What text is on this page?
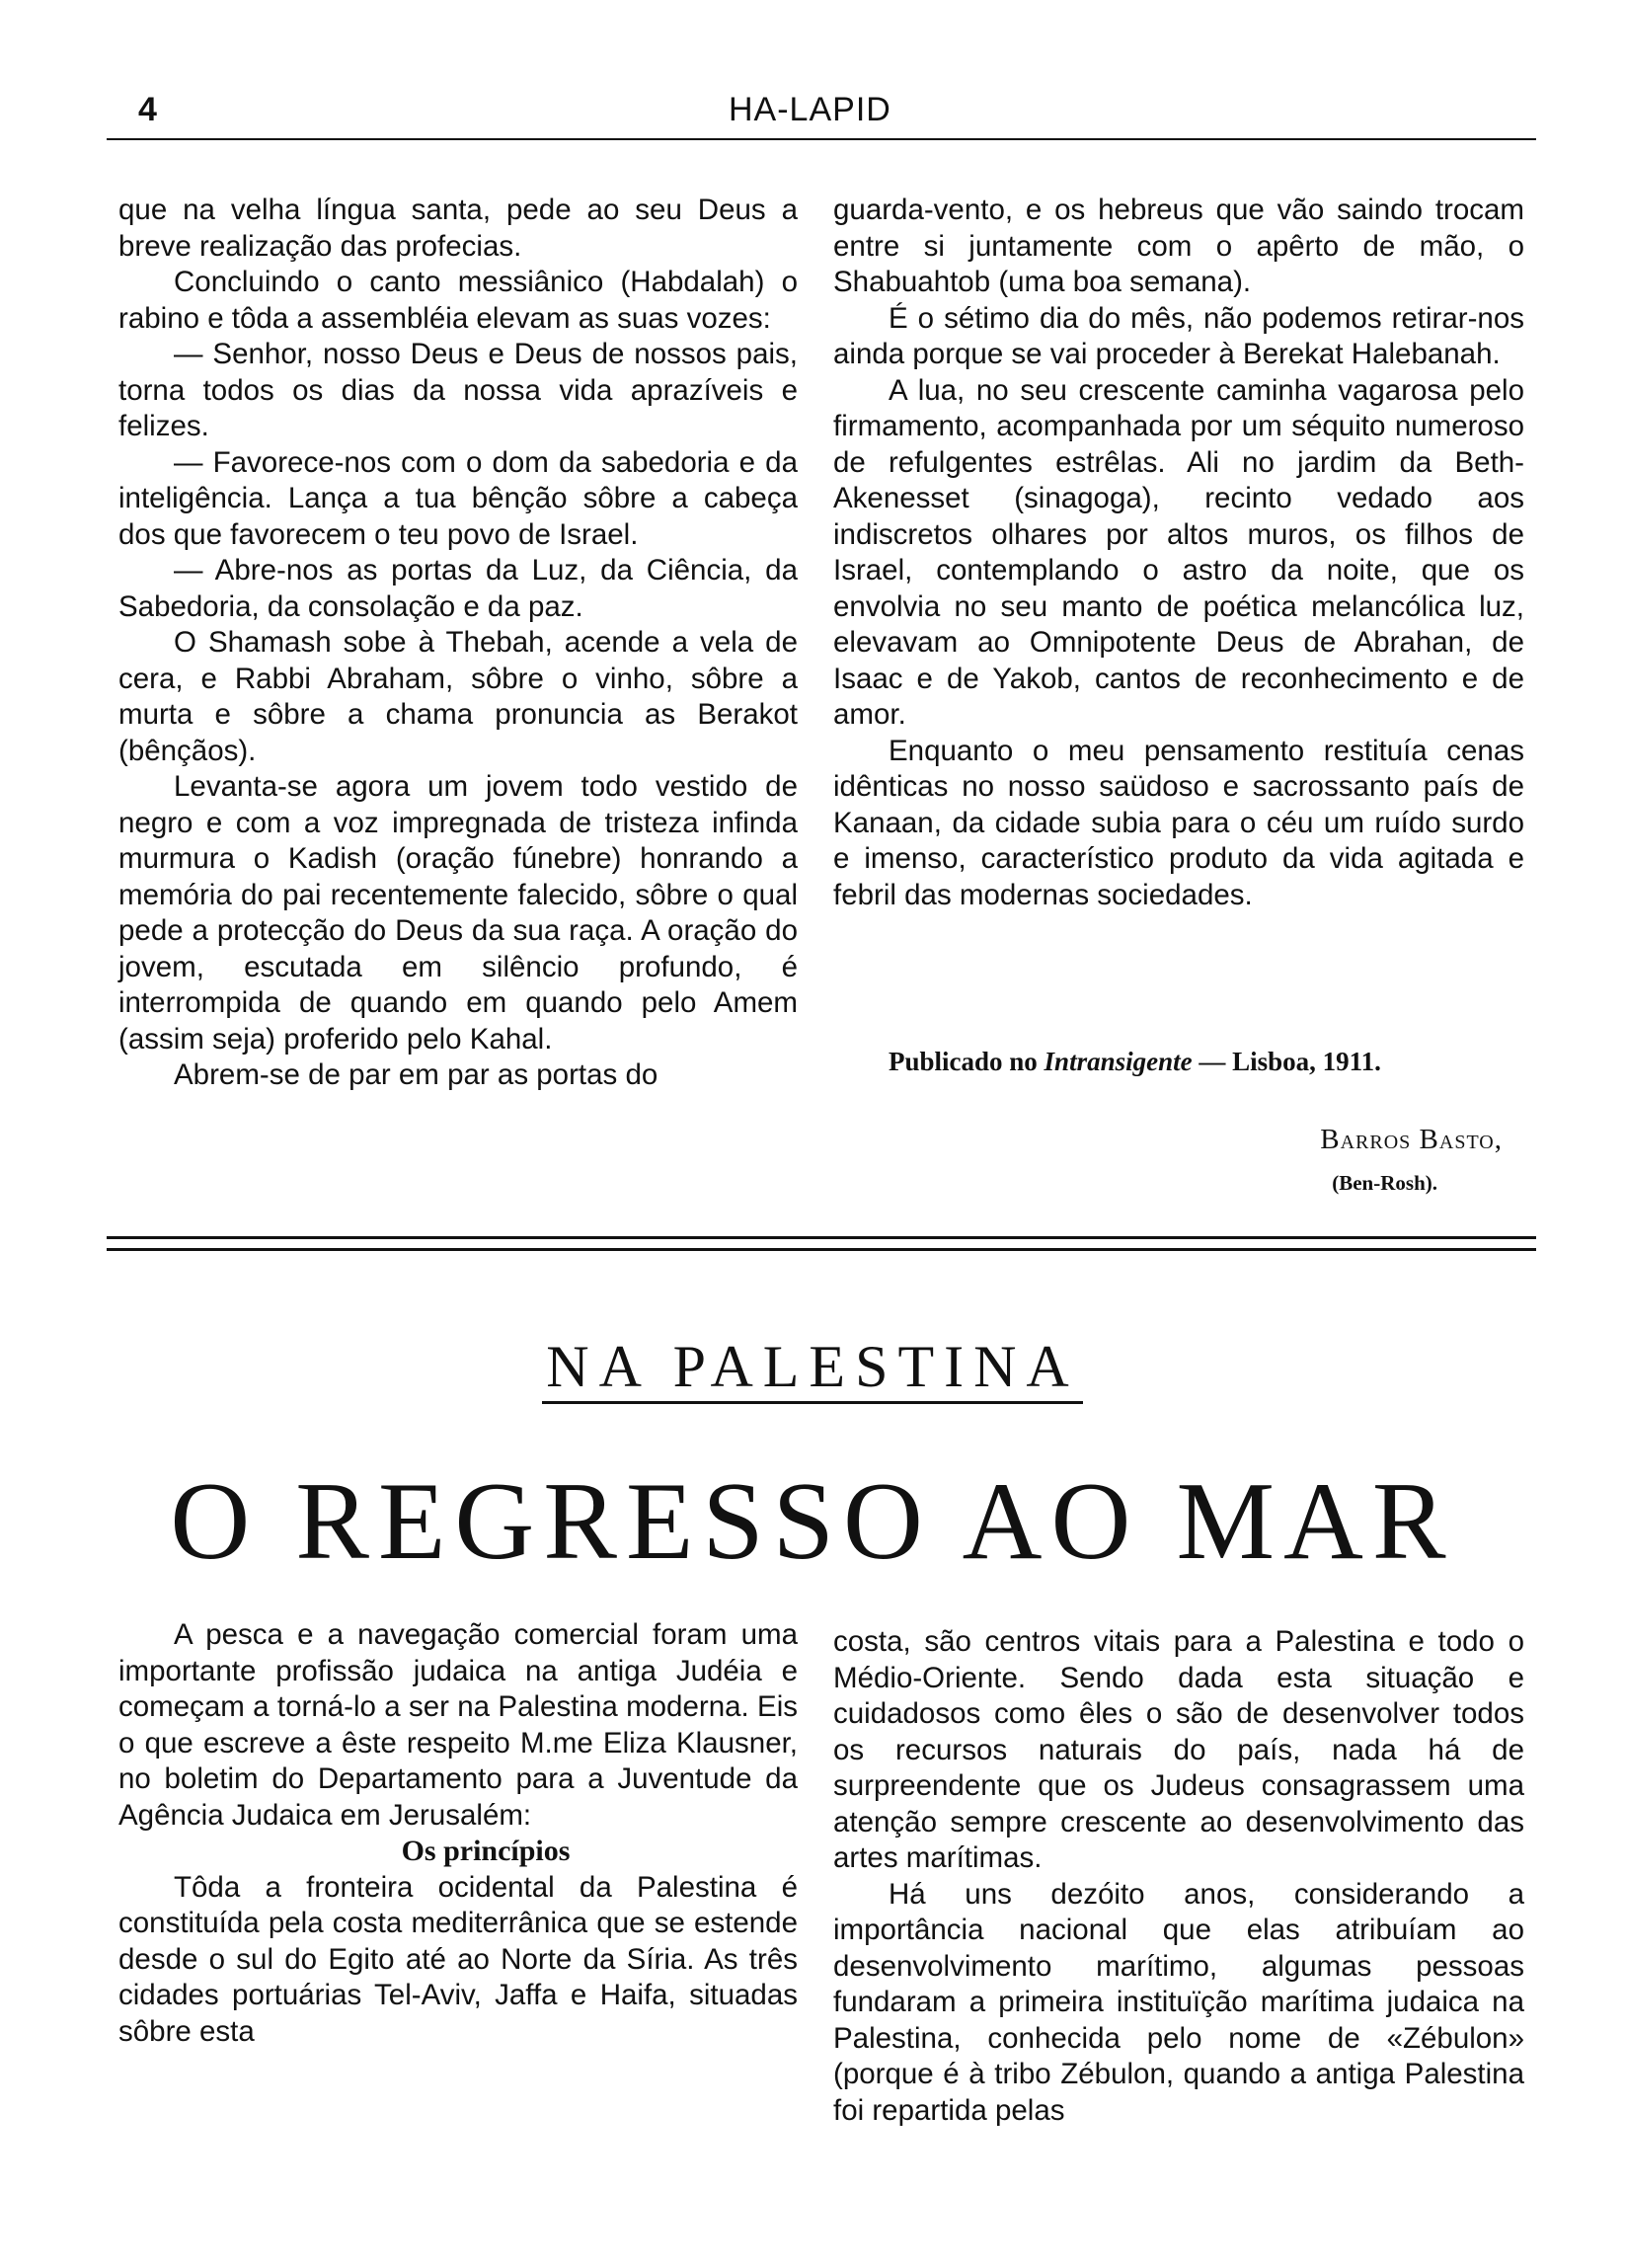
4	HA-LAPID

que na velha língua santa, pede ao seu Deus a breve realização das profecias.

Concluindo o canto messiânico (Habdalah) o rabino e tôda a assembléia elevam as suas vozes:

— Senhor, nosso Deus e Deus de nossos pais, torna todos os dias da nossa vida aprazíveis e felizes.

— Favorece-nos com o dom da sabedoria e da inteligência. Lança a tua bênção sôbre a cabeça dos que favorecem o teu povo de Israel.

— Abre-nos as portas da Luz, da Ciência, da Sabedoria, da consolação e da paz.

O Shamash sobe à Thebah, acende a vela de cera, e Rabbi Abraham, sôbre o vinho, sôbre a murta e sôbre a chama pronuncia as Berakot (bênçãos).

Levanta-se agora um jovem todo vestido de negro e com a voz impregnada de tristeza infinda murmura o Kadish (oração fúnebre) honrando a memória do pai recentemente falecido, sôbre o qual pede a protecção do Deus da sua raça. A oração do jovem, escutada em silêncio profundo, é interrompida de quando em quando pelo Amem (assim seja) proferido pelo Kahal.

Abrem-se de par em par as portas do

guarda-vento, e os hebreus que vão saindo trocam entre si juntamente com o apêrto de mão, o Shabuahtob (uma boa semana).

É o sétimo dia do mês, não podemos retirar-nos ainda porque se vai proceder à Berekat Halebanah.

A lua, no seu crescente caminha vagarosa pelo firmamento, acompanhada por um séquito numeroso de refulgentes estrêlas. Ali no jardim da Beth-Akenesset (sinagoga), recinto vedado aos indiscretos olhares por altos muros, os filhos de Israel, contemplando o astro da noite, que os envolvia no seu manto de poética melancólica luz, elevavam ao Omnipotente Deus de Abrahan, de Isaac e de Yakob, cantos de reconhecimento e de amor.

Enquanto o meu pensamento restituía cenas idênticas no nosso saüdoso e sacrossanto país de Kanaan, da cidade subia para o céu um ruído surdo e imenso, característico produto da vida agitada e febril das modernas sociedades.

Publicado no Intransigente — Lisboa, 1911.
Barros Basto,
(Ben-Rosh).
NA PALESTINA
O REGRESSO AO MAR

A pesca e a navegação comercial foram uma importante profissão judaica na antiga Judéia e começam a torná-lo a ser na Palestina moderna. Eis o que escreve a êste respeito M.me Eliza Klausner, no boletim do Departamento para a Juventude da Agência Judaica em Jerusalém:

Os princípios

Tôda a fronteira ocidental da Palestina é constituída pela costa mediterrânica que se estende desde o sul do Egito até ao Norte da Síria. As três cidades portuárias Tel-Aviv, Jaffa e Haifa, situadas sôbre esta

costa, são centros vitais para a Palestina e todo o Médio-Oriente. Sendo dada esta situação e cuidadosos como êles o são de desenvolver todos os recursos naturais do país, nada há de surpreendente que os Judeus consagrassem uma atenção sempre crescente ao desenvolvimento das artes marítimas.

Há uns dezóito anos, considerando a importância nacional que elas atribuíam ao desenvolvimento marítimo, algumas pessoas fundaram a primeira instituïção marítima judaica na Palestina, conhecida pelo nome de «Zébulon» (porque é à tribo Zébulon, quando a antiga Palestina foi repartida pelas
